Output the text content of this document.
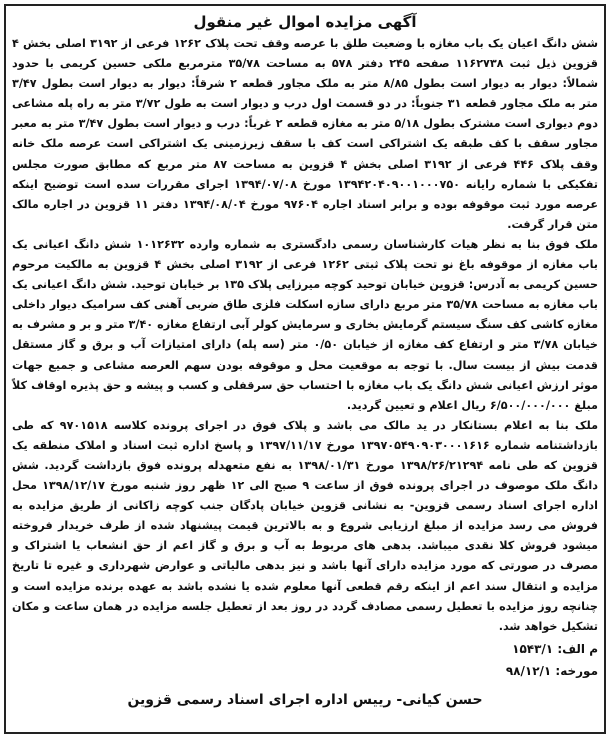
آگهی مزایده اموال غیر منقول

شش دانگ اعیان یک باب مغازه با وضعیت طلق با عرصه وقف تحت پلاک ۱۲۶۲ فرعی از ۳۱۹۲ اصلی بخش ۴ قزوین ذیل ثبت ۱۱۶۲۷۳۸ صفحه ۲۴۵ دفتر ۵۷۸ به مساحت ۳۵/۷۸ مترمربع ملکی حسین کریمی با حدود شمالاً: دیوار به دیوار است بطول ۸/۸۵ متر به ملک مجاور قطعه ۲ شرقاً: دیوار به دیوار است بطول ۳/۴۷ متر به ملک مجاور قطعه ۳۱ جنوباً: در دو قسمت اول درب و دیوار است به طول ۳/۷۲ متر به راه پله مشاعی دوم دیواری است مشترک بطول ۵/۱۸ متر به مغازه قطعه ۲ غرباً: درب و دیوار است بطول ۳/۴۷ متر به معبر مجاور سقف با کف طبقه یک اشتراکی است کف با سقف زیرزمینی یک اشتراکی است عرصه ملک خانه وقف پلاک ۴۴۶ فرعی از ۳۱۹۲ اصلی بخش ۴ قزوین به مساحت ۸۷ متر مربع که مطابق صورت مجلس تفکیکی با شماره رایانه ۱۳۹۴۲۰۴۰۹۰۰۱۰۰۰۷۵۰ مورخ ۱۳۹۴/۰۷/۰۸ اجرای مقررات سده است توضیح اینکه عرصه مورد ثبت موقوفه بوده و برابر اسناد اجاره ۹۷۶۰۴ مورخ ۱۳۹۴/۰۸/۰۴ دفتر ۱۱ قزوین در اجاره مالک متن قرار گرفت.

ملک فوق بنا به نظر هیات کارشناسان رسمی دادگستری به شماره وارده ۱۰۱۲۶۳۲ شش دانگ اعیانی یک باب مغازه از موقوفه باغ نو تحت پلاک ثبتی ۱۲۶۲ فرعی از ۳۱۹۲ اصلی بخش ۴ قزوین به مالکیت مرحوم حسین کریمی به آدرس: قزوین خیابان توحید کوچه میرزایی پلاک ۱۳۵ بر خیابان توحید. شش دانگ اعیانی یک باب مغازه به مساحت ۳۵/۷۸ متر مربع دارای سازه اسکلت فلزی طاق ضربی آهنی کف سرامیک دیوار داخلی مغازه کاشی کف سنگ سیستم گرمایش بخاری و سرمایش کولر آبی ارتفاع مغازه ۳/۴۰ متر و بر و مشرف به خیابان ۳/۷۸ متر و ارتفاع کف مغازه از خیابان ۰/۵۰ متر (سه پله) دارای امتیازات آب و برق و گاز مستقل قدمت بیش از بیست سال. با توجه به موقعیت محل و موقوفه بودن سهم العرصه مشاعی و جمیع جهات موثر ارزش اعیانی شش دانگ یک باب مغازه با احتساب حق سرقفلی و کسب و پیشه و حق پذیره اوقاف کلاً مبلغ ۶/۵۰۰/۰۰۰/۰۰۰ ریال اعلام و تعیین گردید.

ملک بنا به اعلام بستانکار در ید مالک می باشد و پلاک فوق در اجرای پرونده کلاسه ۹۷۰۱۵۱۸ که طی بازداشتنامه شماره ۱۳۹۷۰۵۴۹۰۹۰۳۰۰۰۱۶۱۶ مورخ ۱۳۹۷/۱۱/۱۷ و پاسخ اداره ثبت اسناد و املاک منطقه یک قزوین که طی نامه ۱۳۹۸/۲۶/۲۱۲۹۴ مورخ ۱۳۹۸/۰۱/۳۱ به نفع متعهدله پرونده فوق بازداشت گردید. شش دانگ ملک موصوف در اجرای پرونده فوق از ساعت ۹ صبح الی ۱۲ ظهر روز شنبه مورخ ۱۳۹۸/۱۲/۱۷ محل اداره اجرای اسناد رسمی قزوین- به نشانی قزوین خیابان پادگان جنب کوچه زاکانی از طریق مزایده به فروش می رسد مزایده از مبلغ ارزیابی شروع و به بالاترین قیمت پیشنهاد شده از طرف خریدار فروخته میشود فروش کلا نقدی میباشد. بدهی های مربوط به آب و برق و گاز اعم از حق انشعاب یا اشتراک و مصرف در صورتی که مورد مزایده دارای آنها باشد و نیز بدهی مالیاتی و عوارض شهرداری و غیره تا تاریخ مزایده و انتقال سند اعم از اینکه رقم قطعی آنها معلوم شده یا نشده باشد به عهده برنده مزایده است و چنانچه روز مزایده با تعطیل رسمی مصادف گردد در روز بعد از تعطیل جلسه مزایده در همان ساعت و مکان تشکیل خواهد شد.

م الف: ۱۵۴۳/۱
مورخه: ۹۸/۱۲/۱
حسن کیانی- رییس اداره اجرای اسناد رسمی قزوین
